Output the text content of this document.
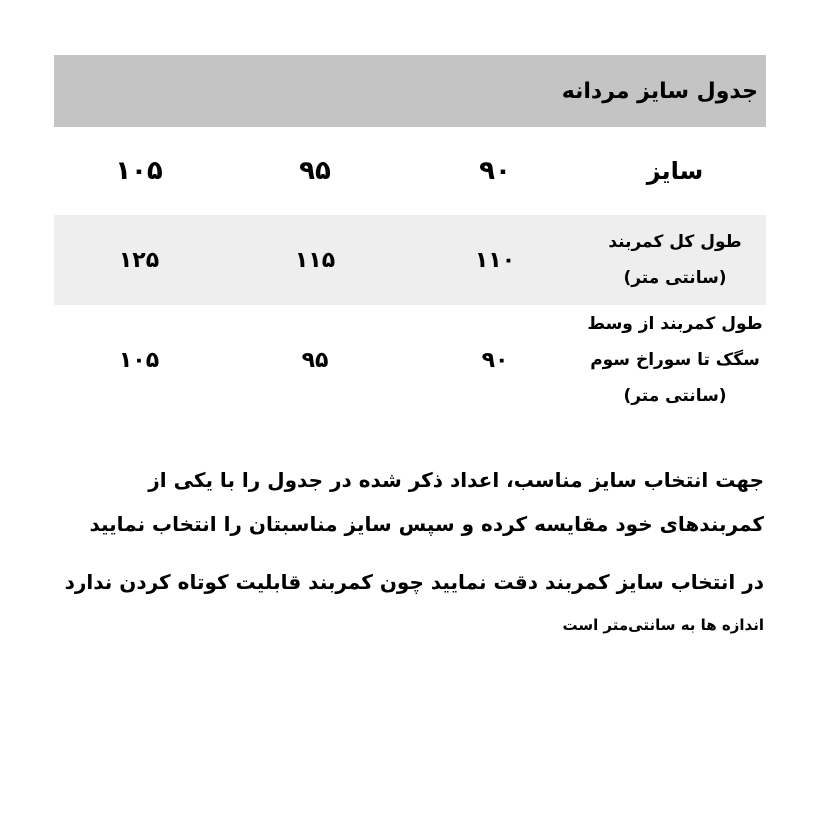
جدول سایز مردانه
سایز
۹۰
۹۵
۱۰۵
طول کل کمربند
(سانتی متر)
۱۱۰
۱۱۵
۱۲۵
طول کمربند از وسط
سگک تا سوراخ سوم
(سانتی متر)
۹۰
۹۵
۱۰۵

جهت انتخاب سایز مناسب، اعداد ذکر شده در جدول را با یکی از

کمربندهای خود مقایسه کرده و سپس سایز مناسبتان را انتخاب نمایید

در انتخاب سایز کمربند دقت نمایید چون کمربند قابلیت کوتاه کردن ندارد

اندازه ها به سانتی‌متر است
